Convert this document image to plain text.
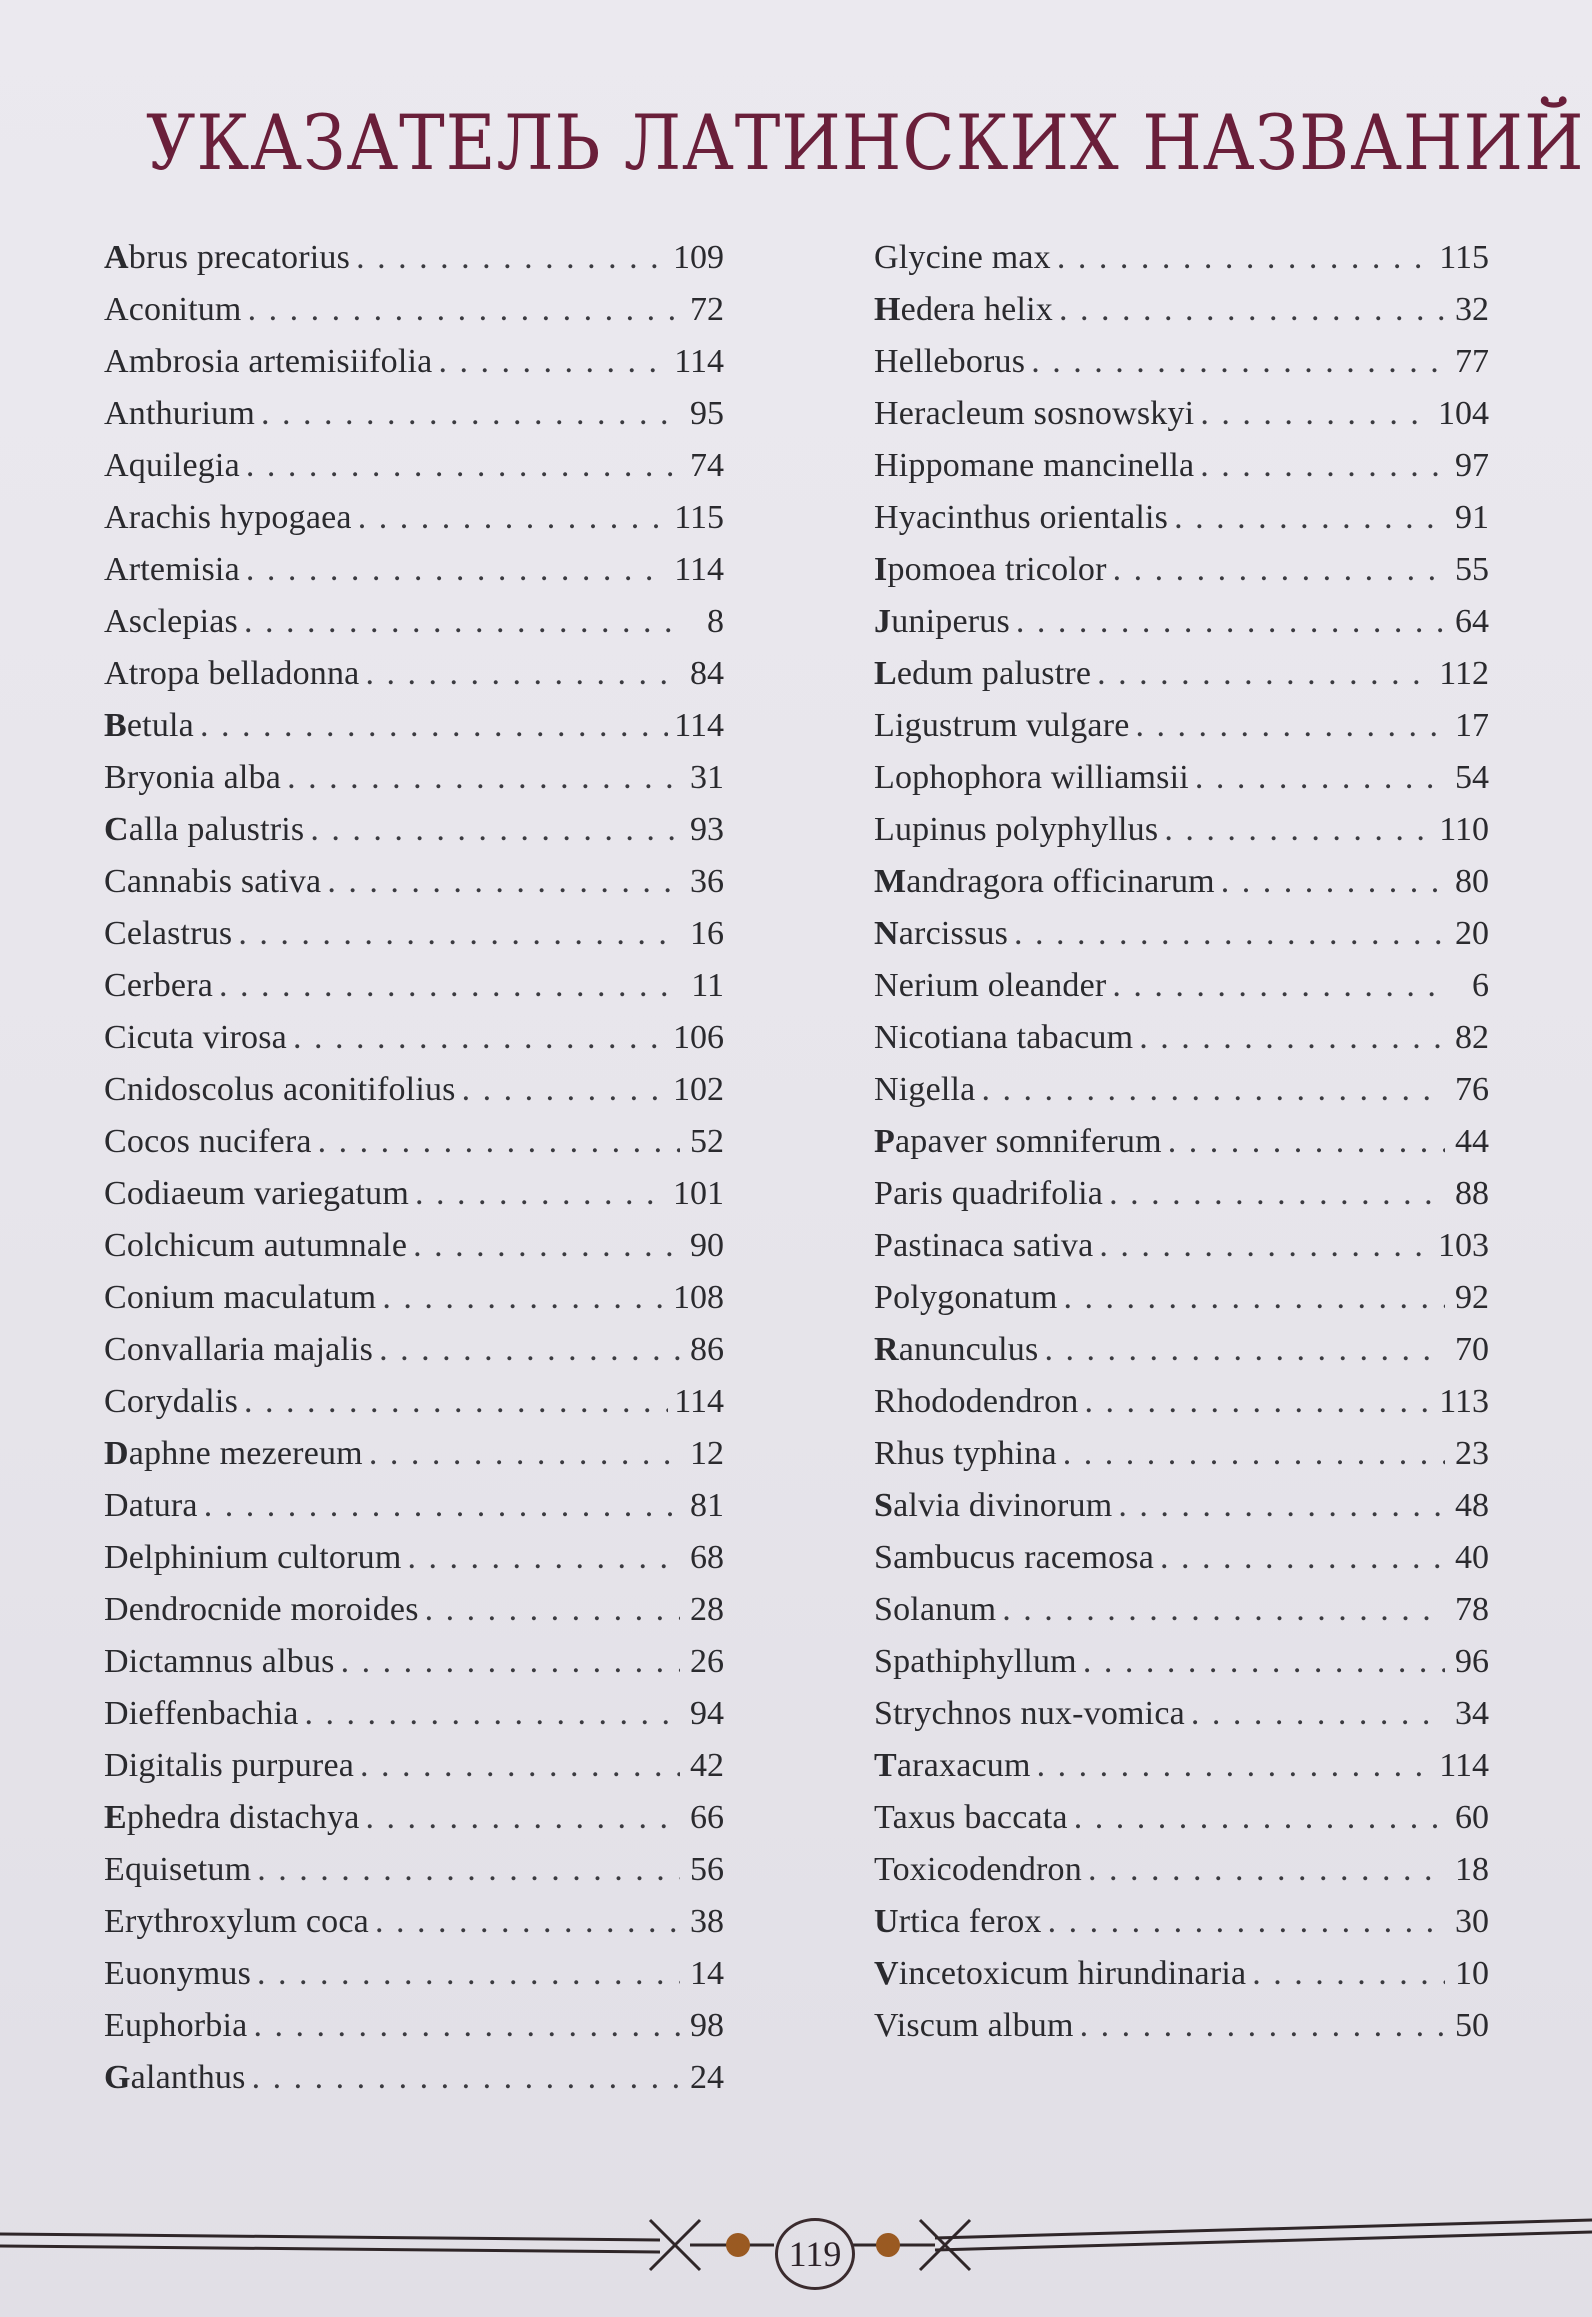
УКАЗАТЕЛЬ ЛАТИНСКИХ НАЗВАНИЙ
Abrus precatorius . . .	109
Aconitum . . .	72
Ambrosia artemisiifolia . . .	114
Anthurium . . .	95
Aquilegia . . .	74
Arachis hypogaea . . .	115
Artemisia . . .	114
Asclepias . . .	8
Atropa belladonna . . .	84
Betula . . .	114
Bryonia alba . . .	31
Calla palustris . . .	93
Cannabis sativa . . .	36
Celastrus . . .	16
Cerbera . . .	11
Cicuta virosa . . .	106
Cnidoscolus aconitifolius . . .	102
Cocos nucifera . . .	52
Codiaeum variegatum . . .	101
Colchicum autumnale . . .	90
Conium maculatum . . .	108
Convallaria majalis . . .	86
Corydalis . . .	114
Daphne mezereum . . .	12
Datura . . .	81
Delphinium cultorum . . .	68
Dendrocnide moroides . . .	28
Dictamnus albus . . .	26
Dieffenbachia . . .	94
Digitalis purpurea . . .	42
Ephedra distachya . . .	66
Equisetum . . .	56
Erythroxylum coca . . .	38
Euonymus . . .	14
Euphorbia . . .	98
Galanthus . . .	24
Glycine max . . .	115
Hedera helix . . .	32
Helleborus . . .	77
Heracleum sosnowskyi . . .	104
Hippomane mancinella . . .	97
Hyacinthus orientalis . . .	91
Ipomoea tricolor . . .	55
Juniperus . . .	64
Ledum palustre . . .	112
Ligustrum vulgare . . .	17
Lophophora williamsii . . .	54
Lupinus polyphyllus . . .	110
Mandragora officinarum . . .	80
Narcissus . . .	20
Nerium oleander . . .	6
Nicotiana tabacum . . .	82
Nigella . . .	76
Papaver somniferum . . .	44
Paris quadrifolia . . .	88
Pastinaca sativa . . .	103
Polygonatum . . .	92
Ranunculus . . .	70
Rhododendron . . .	113
Rhus typhina . . .	23
Salvia divinorum . . .	48
Sambucus racemosa . . .	40
Solanum . . .	78
Spathiphyllum . . .	96
Strychnos nux-vomica . . .	34
Taraxacum . . .	114
Taxus baccata . . .	60
Toxicodendron . . .	18
Urtica ferox . . .	30
Vincetoxicum hirundinaria . . .	10
Viscum album . . .	50
119
